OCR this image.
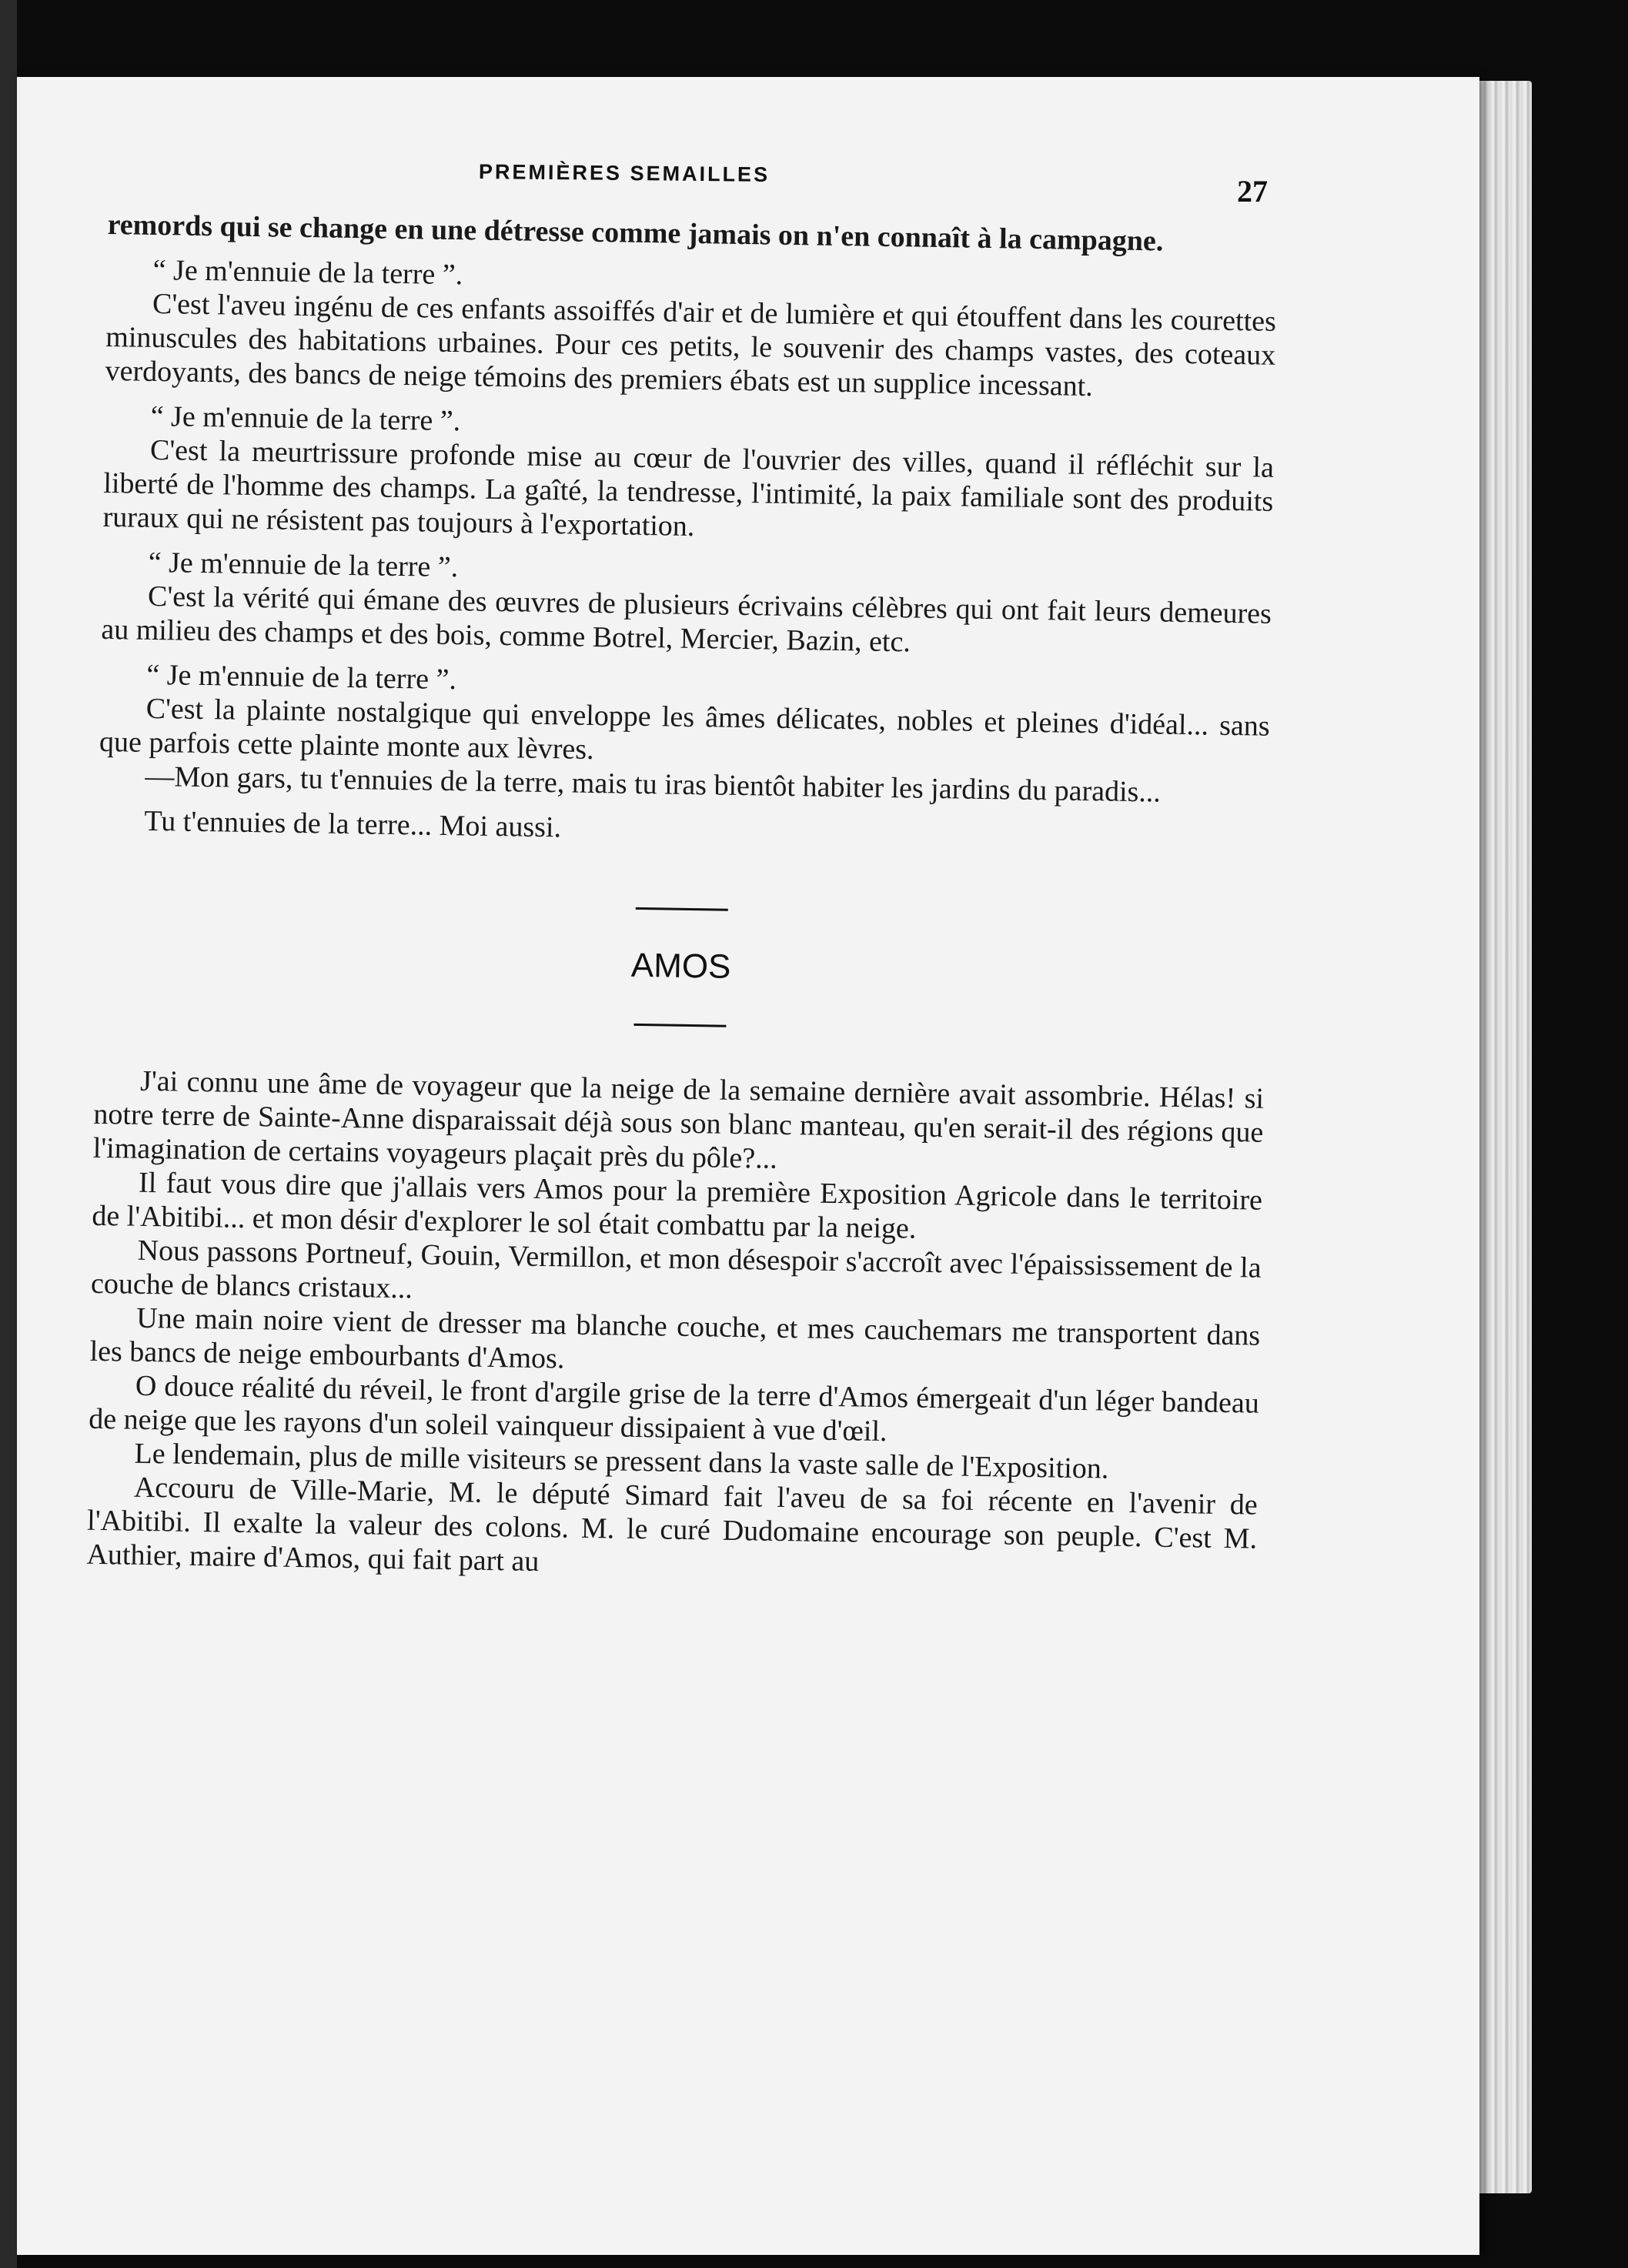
PREMIÈRES SEMAILLES
27

remords qui se change en une détresse comme jamais on n'en connaît à la campagne.

“ Je m'ennuie de la terre ”.

C'est l'aveu ingénu de ces enfants assoiffés d'air et de lumière et qui étouffent dans les courettes minuscules des habitations urbaines. Pour ces petits, le souvenir des champs vastes, des coteaux verdoyants, des bancs de neige témoins des premiers ébats est un supplice incessant.

“ Je m'ennuie de la terre ”.

C'est la meurtrissure profonde mise au cœur de l'ouvrier des villes, quand il réfléchit sur la liberté de l'homme des champs. La gaîté, la tendresse, l'intimité, la paix familiale sont des produits ruraux qui ne résistent pas toujours à l'exportation.

“ Je m'ennuie de la terre ”.

C'est la vérité qui émane des œuvres de plusieurs écrivains célèbres qui ont fait leurs demeures au milieu des champs et des bois, comme Botrel, Mercier, Bazin, etc.

“ Je m'ennuie de la terre ”.

C'est la plainte nostalgique qui enveloppe les âmes délicates, nobles et pleines d'idéal... sans que parfois cette plainte monte aux lèvres.

—Mon gars, tu t'ennuies de la terre, mais tu iras bientôt habiter les jardins du paradis...

Tu t'ennuies de la terre... Moi aussi.

AMOS

J'ai connu une âme de voyageur que la neige de la semaine dernière avait assombrie. Hélas! si notre terre de Sainte-Anne disparaissait déjà sous son blanc manteau, qu'en serait-il des régions que l'imagination de certains voyageurs plaçait près du pôle?...

Il faut vous dire que j'allais vers Amos pour la première Exposition Agricole dans le territoire de l'Abitibi... et mon désir d'explorer le sol était combattu par la neige.

Nous passons Portneuf, Gouin, Vermillon, et mon désespoir s'accroît avec l'épaississement de la couche de blancs cristaux...

Une main noire vient de dresser ma blanche couche, et mes cauchemars me transportent dans les bancs de neige embourbants d'Amos.

O douce réalité du réveil, le front d'argile grise de la terre d'Amos émergeait d'un léger bandeau de neige que les rayons d'un soleil vainqueur dissipaient à vue d'œil.

Le lendemain, plus de mille visiteurs se pressent dans la vaste salle de l'Exposition.

Accouru de Ville-Marie, M. le député Simard fait l'aveu de sa foi récente en l'avenir de l'Abitibi. Il exalte la valeur des colons. M. le curé Dudomaine encourage son peuple. C'est M. Authier, maire d'Amos, qui fait part au
